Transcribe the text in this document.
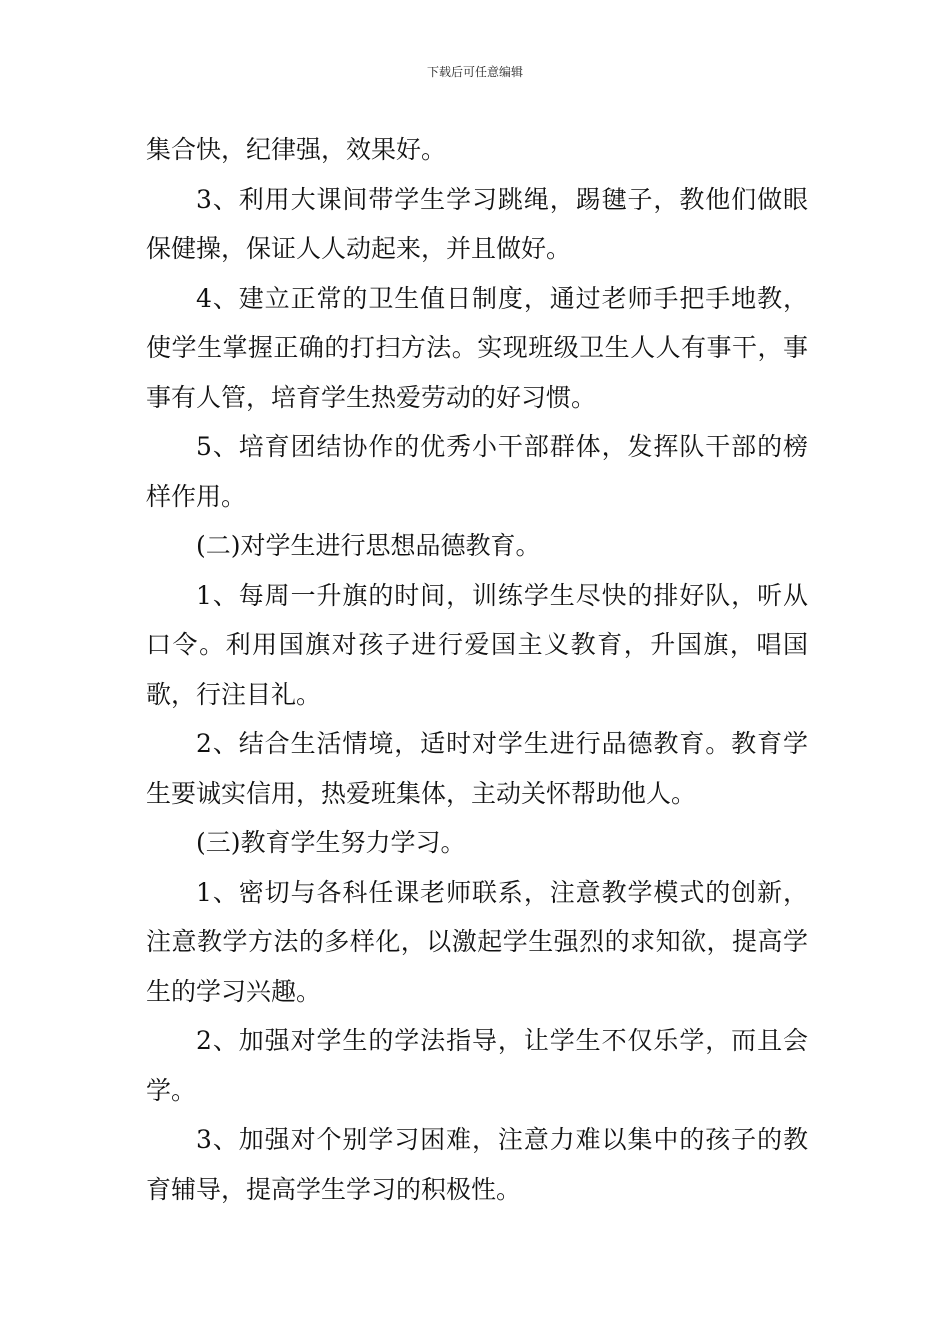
下载后可任意编辑

集合快，纪律强，效果好。

3、利用大课间带学生学习跳绳，踢毽子，教他们做眼保健操，保证人人动起来，并且做好。

4、建立正常的卫生值日制度，通过老师手把手地教，使学生掌握正确的打扫方法。实现班级卫生人人有事干，事事有人管，培育学生热爱劳动的好习惯。

5、培育团结协作的优秀小干部群体，发挥队干部的榜样作用。

(二)对学生进行思想品德教育。

1、每周一升旗的时间，训练学生尽快的排好队，听从口令。利用国旗对孩子进行爱国主义教育，升国旗，唱国歌，行注目礼。

2、结合生活情境，适时对学生进行品德教育。教育学生要诚实信用，热爱班集体，主动关怀帮助他人。

(三)教育学生努力学习。

1、密切与各科任课老师联系，注意教学模式的创新，注意教学方法的多样化，以激起学生强烈的求知欲，提高学生的学习兴趣。

2、加强对学生的学法指导，让学生不仅乐学，而且会学。

3、加强对个别学习困难，注意力难以集中的孩子的教育辅导，提高学生学习的积极性。
